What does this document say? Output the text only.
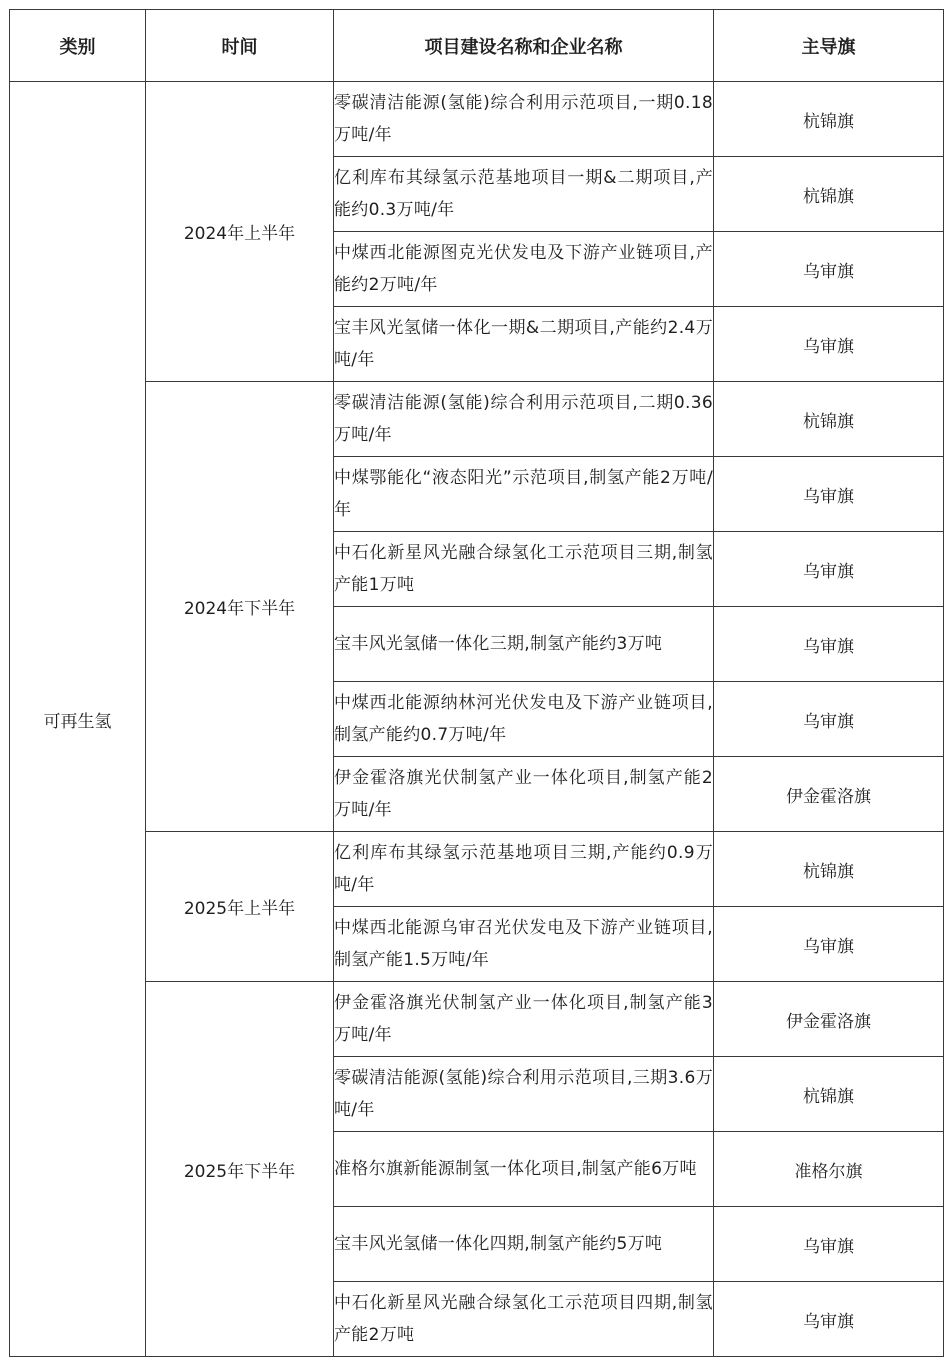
类别	时间	项目建设名称和企业名称	主导旗
可再生氢	2024年上半年	零碳清洁能源(氢能)综合利用示范项目,一期0.18万吨/年	杭锦旗
		亿利库布其绿氢示范基地项目一期&二期项目,产能约0.3万吨/年	杭锦旗
		中煤西北能源图克光伏发电及下游产业链项目,产能约2万吨/年	乌审旗
		宝丰风光氢储一体化一期&二期项目,产能约2.4万吨/年	乌审旗
	2024年下半年	零碳清洁能源(氢能)综合利用示范项目,二期0.36万吨/年	杭锦旗
		中煤鄂能化“液态阳光”示范项目,制氢产能2万吨/年	乌审旗
		中石化新星风光融合绿氢化工示范项目三期,制氢产能1万吨	乌审旗
		宝丰风光氢储一体化三期,制氢产能约3万吨	乌审旗
		中煤西北能源纳林河光伏发电及下游产业链项目,制氢产能约0.7万吨/年	乌审旗
		伊金霍洛旗光伏制氢产业一体化项目,制氢产能2万吨/年	伊金霍洛旗
	2025年上半年	亿利库布其绿氢示范基地项目三期,产能约0.9万吨/年	杭锦旗
		中煤西北能源乌审召光伏发电及下游产业链项目,制氢产能1.5万吨/年	乌审旗
	2025年下半年	伊金霍洛旗光伏制氢产业一体化项目,制氢产能3万吨/年	伊金霍洛旗
		零碳清洁能源(氢能)综合利用示范项目,三期3.6万吨/年	杭锦旗
		准格尔旗新能源制氢一体化项目,制氢产能6万吨	准格尔旗
		宝丰风光氢储一体化四期,制氢产能约5万吨	乌审旗
		中石化新星风光融合绿氢化工示范项目四期,制氢产能2万吨	乌审旗
